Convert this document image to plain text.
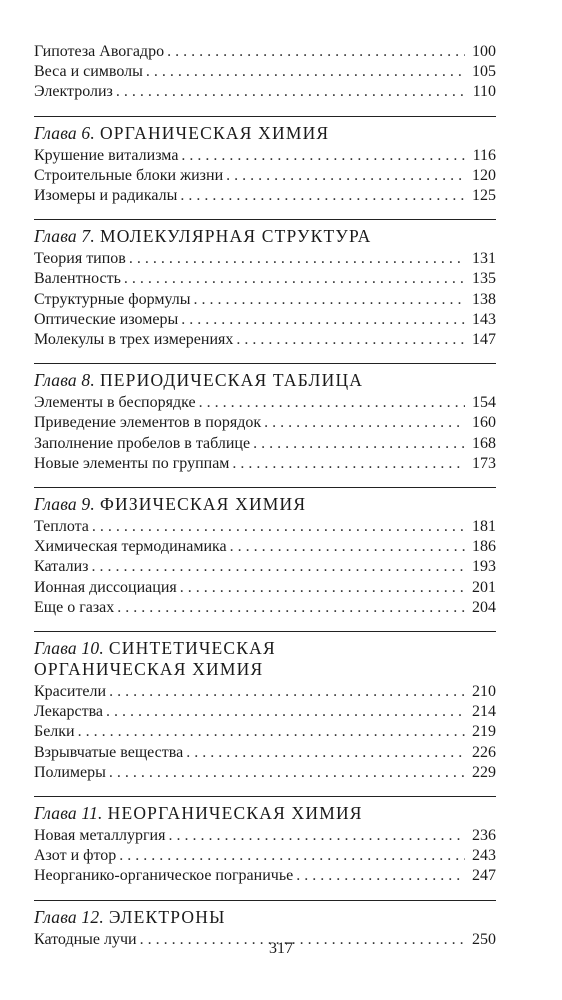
Гипотеза Авогадро . . .	100
Веса и символы . . .	105
Электролиз . . .	110
Глава 6. ОРГАНИЧЕСКАЯ ХИМИЯ
Крушение витализма . . .	116
Строительные блоки жизни . . .	120
Изомеры и радикалы . . .	125
Глава 7. МОЛЕКУЛЯРНАЯ СТРУКТУРА
Теория типов . . .	131
Валентность . . .	135
Структурные формулы . . .	138
Оптические изомеры . . .	143
Молекулы в трех измерениях . . .	147
Глава 8. ПЕРИОДИЧЕСКАЯ ТАБЛИЦА
Элементы в беспорядке . . .	154
Приведение элементов в порядок . . .	160
Заполнение пробелов в таблице . . .	168
Новые элементы по группам . . .	173
Глава 9. ФИЗИЧЕСКАЯ ХИМИЯ
Теплота . . .	181
Химическая термодинамика . . .	186
Катализ . . .	193
Ионная диссоциация . . .	201
Еще о газах . . .	204
Глава 10. СИНТЕТИЧЕСКАЯ
ОРГАНИЧЕСКАЯ ХИМИЯ
Красители . . .	210
Лекарства . . .	214
Белки . . .	219
Взрывчатые вещества . . .	226
Полимеры . . .	229
Глава 11. НЕОРГАНИЧЕСКАЯ ХИМИЯ
Новая металлургия . . .	236
Азот и фтор . . .	243
Неорганико-органическое пограничье . . .	247
Глава 12. ЭЛЕКТРОНЫ
Катодные лучи . . .	250
317
